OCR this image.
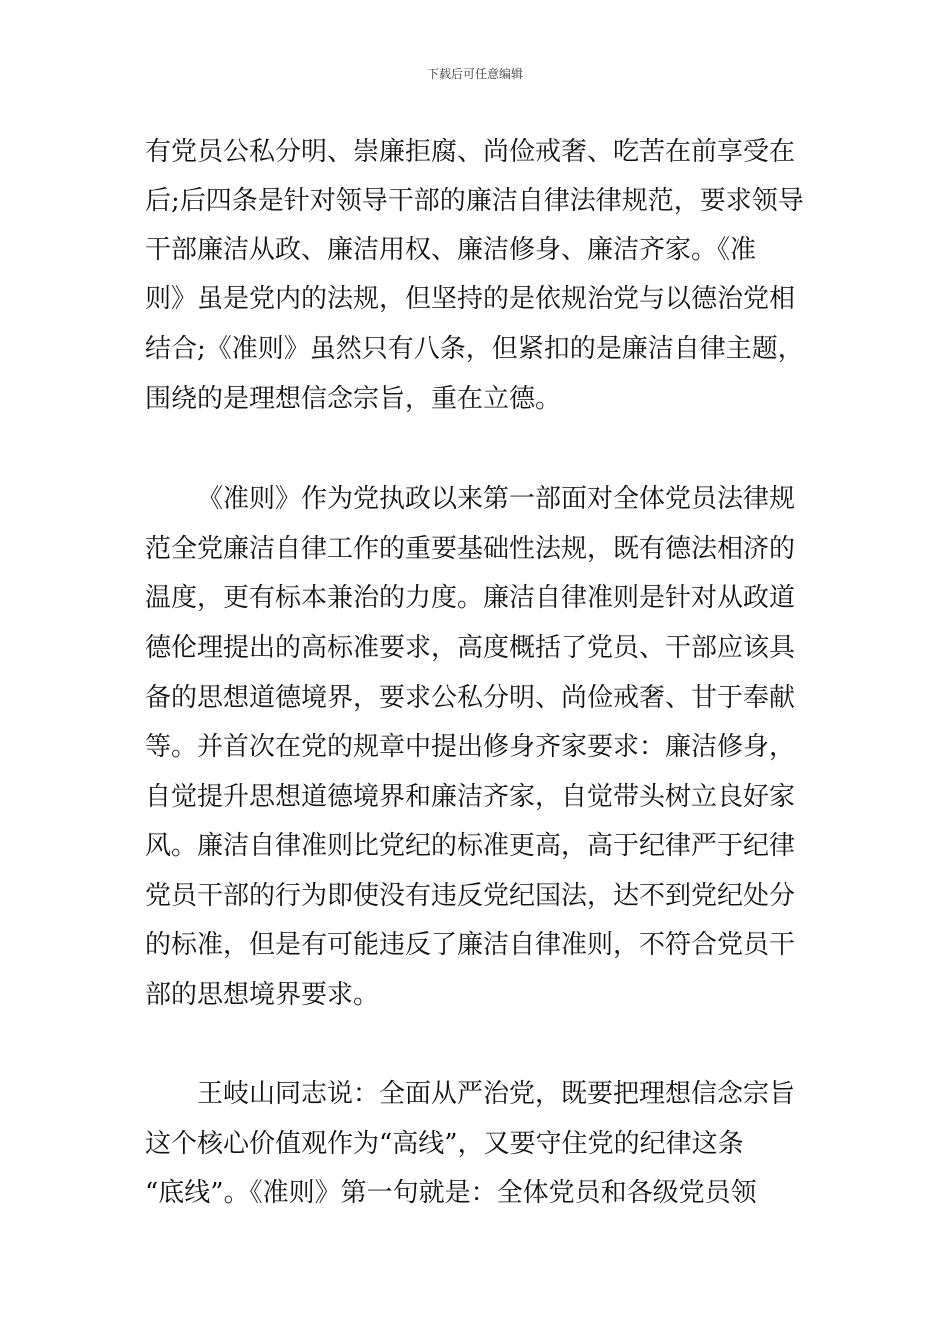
下载后可任意编辑
有党员公私分明、崇廉拒腐、尚俭戒奢、吃苦在前享受在
后;后四条是针对领导干部的廉洁自律法律规范，要求领导
干部廉洁从政、廉洁用权、廉洁修身、廉洁齐家。《准
则》虽是党内的法规，但坚持的是依规治党与以德治党相
结合;《准则》虽然只有八条，但紧扣的是廉洁自律主题，
围绕的是理想信念宗旨，重在立德。
《准则》作为党执政以来第一部面对全体党员法律规
范全党廉洁自律工作的重要基础性法规，既有德法相济的
温度，更有标本兼治的力度。廉洁自律准则是针对从政道
德伦理提出的高标准要求，高度概括了党员、干部应该具
备的思想道德境界，要求公私分明、尚俭戒奢、甘于奉献
等。并首次在党的规章中提出修身齐家要求：廉洁修身，
自觉提升思想道德境界和廉洁齐家，自觉带头树立良好家
风。廉洁自律准则比党纪的标准更高，高于纪律严于纪律
党员干部的行为即使没有违反党纪国法，达不到党纪处分
的标准，但是有可能违反了廉洁自律准则，不符合党员干
部的思想境界要求。
王岐山同志说：全面从严治党，既要把理想信念宗旨
这个核心价值观作为“高线”，又要守住党的纪律这条
“底线”。《准则》第一句就是：全体党员和各级党员领
